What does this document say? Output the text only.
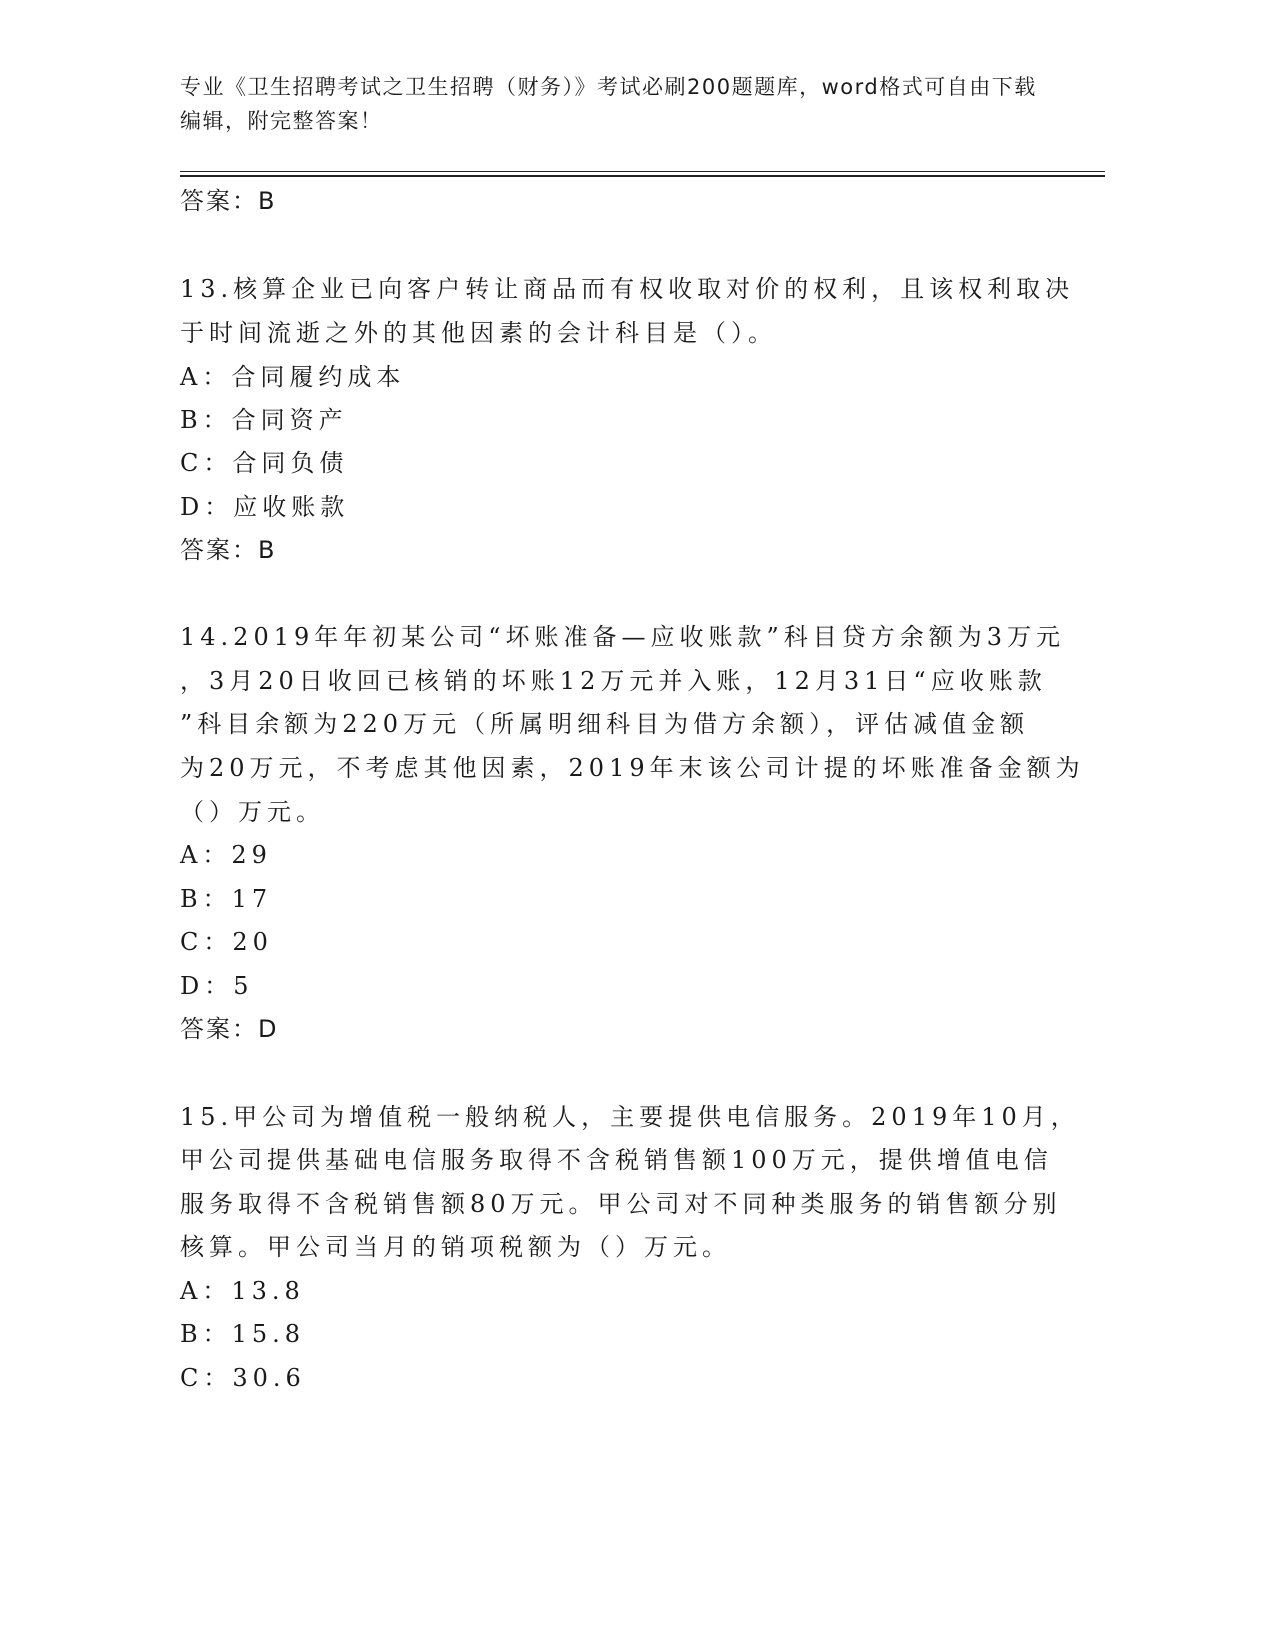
专业《卫生招聘考试之卫生招聘（财务）》考试必刷200题题库，word格式可自由下载编辑，附完整答案！
答案：B
13.核算企业已向客户转让商品而有权收取对价的权利，且该权利取决
于时间流逝之外的其他因素的会计科目是（）。
A：合同履约成本
B：合同资产
C：合同负债
D：应收账款
答案：B
14.2019年年初某公司“坏账准备—应收账款”科目贷方余额为3万元
，3月20日收回已核销的坏账12万元并入账，12月31日“应收账款
”科目余额为220万元（所属明细科目为借方余额），评估减值金额
为20万元，不考虑其他因素，2019年末该公司计提的坏账准备金额为
（）万元。
A：29
B：17
C：20
D：5
答案：D
15.甲公司为增值税一般纳税人，主要提供电信服务。2019年10月，
甲公司提供基础电信服务取得不含税销售额100万元，提供增值电信
服务取得不含税销售额80万元。甲公司对不同种类服务的销售额分别
核算。甲公司当月的销项税额为（）万元。
A：13.8
B：15.8
C：30.6
